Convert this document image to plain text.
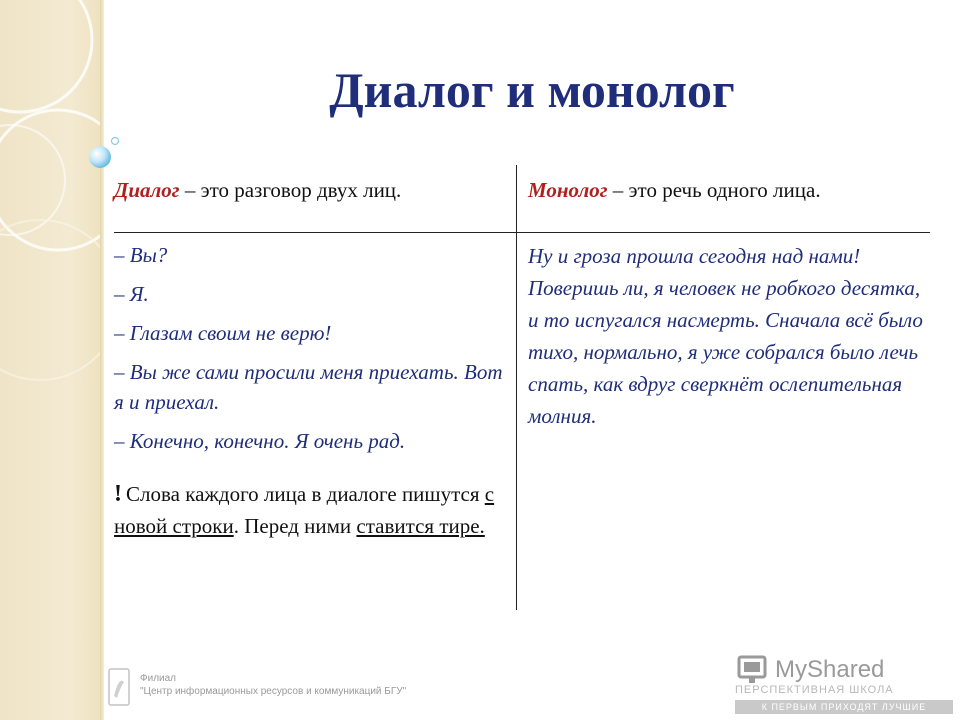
Диалог и монолог
Диалог – это разговор двух лиц.	Монолог – это речь одного лица.

– Вы?

– Я.

– Глазам своим не верю!

– Вы же сами просили меня приехать. Вот я и приехал.

– Конечно, конечно. Я очень рад.

! Слова каждого лица в диалоге пишутся с новой строки. Перед ними ставится тире.
Ну и гроза прошла сегодня над нами! Поверишь ли, я человек не робкого десятка, и то испугался насмерть. Сначала всё было тихо, нормально, я уже собрался было лечь спать, как вдруг сверкнёт ослепительная молния.
Филиал
"Центр информационных ресурсов и коммуникаций БГУ"
MyShared
ПЕРСПЕКТИВНАЯ ШКОЛА
К ПЕРВЫМ ПРИХОДЯТ ЛУЧШИЕ
